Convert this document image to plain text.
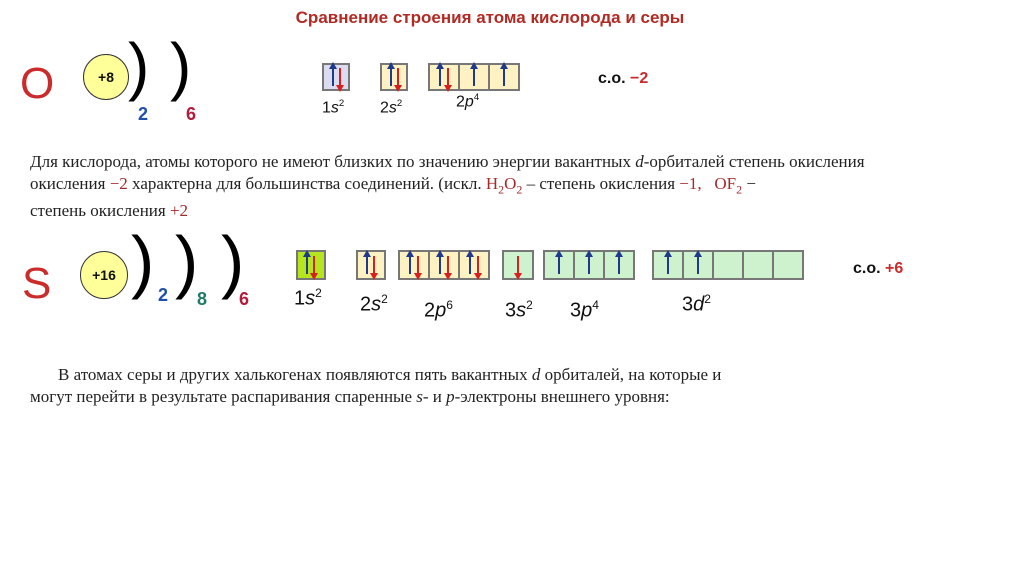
Сравнение строения атома кислорода и серы
O	+8 ) )
2 6	$1s^2$ $2s^2$	$2p^4$
с.о. −2
Для кислорода, атомы которого не имеют близких по значению энергии вакантных d-орбиталей степень окисления

окисления −2 характерна для большинства соединений. (искл. $H_2O_2$ – степень окисления −1, $OF_2$ −
степень окисления +2
S	+16 ) ) )
2 8 6 $1s^2$
$2s^2$
$2p^6$	$3s^2$ $3p^4$	$3d^2$
с.о. +6
В атомах серы и других халькогенах появляются пять вакантных d орбиталей, на которые и
могут перейти в результате распаривания спаренные s- и p-электроны внешнего уровня:
